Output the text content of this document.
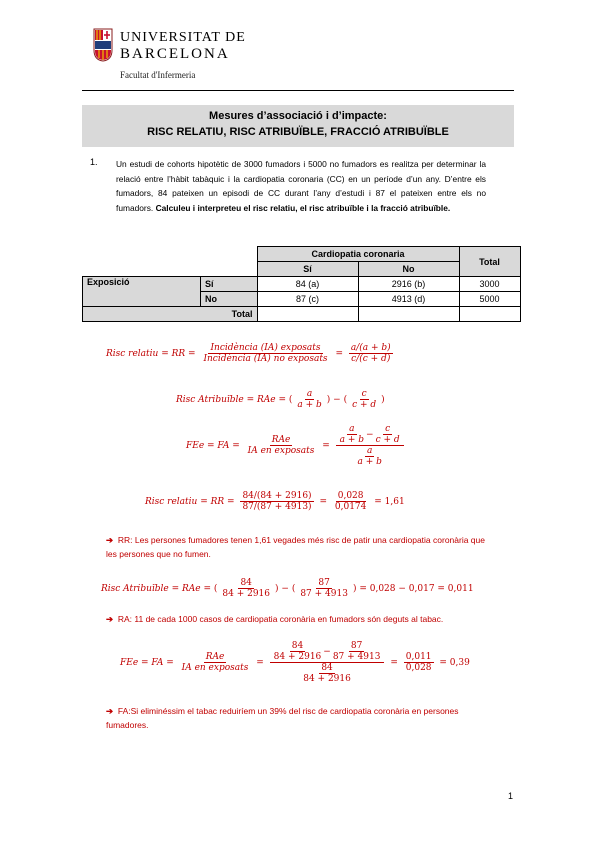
UNIVERSITAT DE
BARCELONA
Facultat d'Infermeria
Mesures d’associació i d’impacte:
RISC RELATIU, RISC ATRIBUÏBLE, FRACCIÓ ATRIBUÏBLE
1. Un estudi de cohorts hipotètic de 3000 fumadors i 5000 no fumadors es realitza per determinar la relació entre l’hàbit tabàquic i la cardiopatia coronaria (CC) en un període d’un any. D’entre els fumadors, 84 pateixen un episodi de CC durant l’any d’estudi i 87 el pateixen entre els no fumadors. Calculeu i interpreteu el risc relatiu, el risc atribuïble i la fracció atribuïble.
		Cardiopatia coronaria		Total
		Sí	No	
Exposició	Sí	84 (a)	2916 (b)	3000
	No	87 (c)	4913 (d)	5000
Total				
Risc relatiu = RR = $\frac{\text{Incidència (IA) exposats}}{\text{Incidència (IA) no exposats}} = \frac{a/(a + b)}{c/(c + d)}$
Risc Atribuïble = RAe = ( $\frac{a}{a + b}$ ) − ( $\frac{c}{c + d}$ )
FEe = FA = $\frac{\text{RAe}}{\text{IA en exposats}} = \frac{\frac{a}{a + b} - \frac{c}{c + d}}{\frac{a}{a + b}}$
Risc relatiu = RR = $\frac{84/(84 + 2916)}{87/(87 + 4913)} = \frac{0,028}{0,0174} = 1,61$
➔ RR: Les persones fumadores tenen 1,61 vegades més risc de patir una cardiopatia coronària que les persones que no fumen.
Risc Atribuïble = RAe = ( $\frac{84}{84 + 2916}$ ) − ( $\frac{87}{87 + 4913}$ ) = 0,028 − 0,017 = 0,011
➔ RA: 11 de cada 1000 casos de cardiopatia coronària en fumadors són deguts al tabac.
FEe = FA = $\frac{\text{RAe}}{\text{IA en exposats}} = \frac{\frac{84}{84 + 2916} - \frac{87}{87 + 4913}}{\frac{84}{84 + 2916}} = \frac{0,011}{0,028} = 0,39$
➔ FA:Si eliminéssim el tabac reduiríem un 39% del risc de cardiopatia coronària en persones fumadores.
1
